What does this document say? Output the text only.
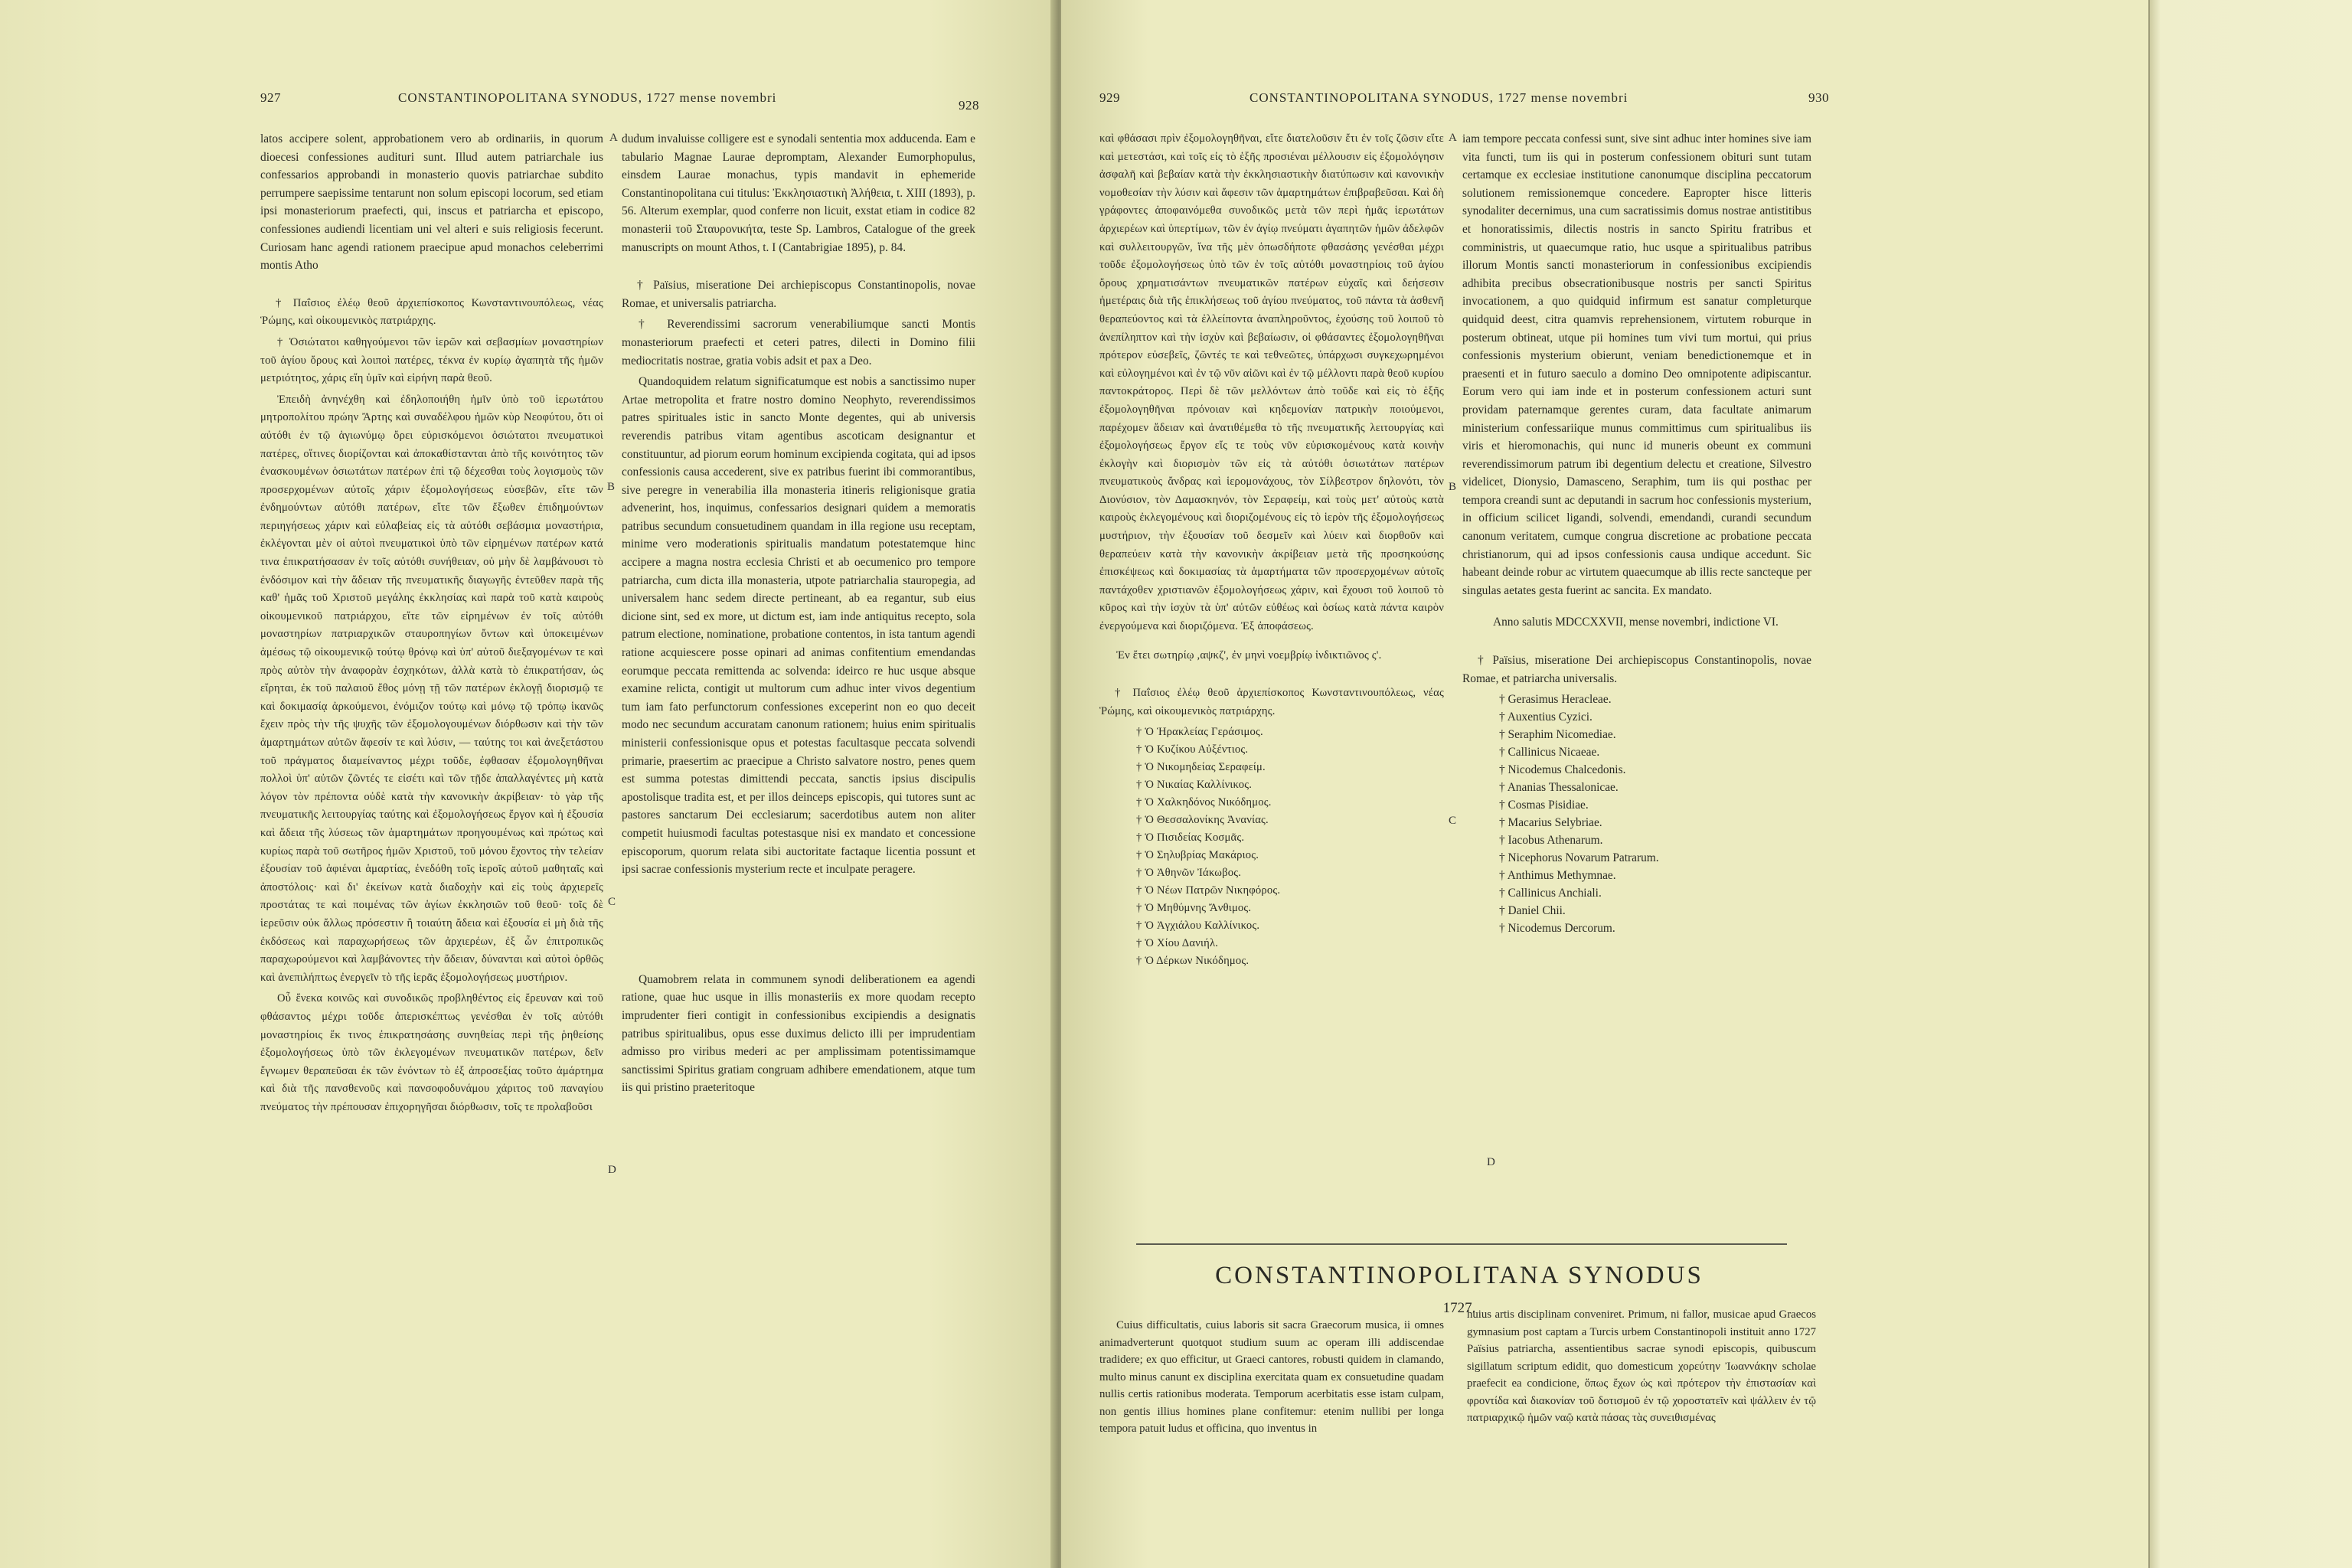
927	CONSTANTINOPOLITANA SYNODUS, 1727 mense novembri
928

latos accipere solent, approbationem vero ab ordinariis, in quorum dioecesi confessiones audituri sunt. Illud autem patriarchale ius confessarios approbandi in monasterio quovis patriarchae subdito perrumpere saepissime tentarunt non solum episcopi locorum, sed etiam ipsi monasteriorum praefecti, qui, inscus et patriarcha et episcopo, confessiones audiendi licentiam uni vel alteri e suis religiosis fecerunt. Curiosam hanc agendi rationem praecipue apud monachos celeberrimi montis Atho

† Παΐσιος ἐλέῳ θεοῦ ἀρχιεπίσκοπος Κωνσταντινουπόλεως, νέας Ῥώμης, καὶ οἰκουμενικὸς πατριάρχης.

† Ὁσιώτατοι καθηγούμενοι τῶν ἱερῶν καὶ σεβασμίων μοναστηρίων τοῦ ἁγίου ὄρους καὶ λοιποὶ πατέρες, τέκνα ἐν κυρίῳ ἀγαπητὰ τῆς ἡμῶν μετριότητος, χάρις εἴη ὑμῖν καὶ εἰρήνη παρὰ θεοῦ.

Ἐπειδὴ ἀνηνέχθη καὶ ἐδηλοποιήθη ἡμῖν ὑπὸ τοῦ ἱερωτάτου μητροπολίτου πρώην Ἄρτης καὶ συναδέλφου ἡμῶν κὺρ Νεοφύτου, ὅτι οἱ αὐτόθι ἐν τῷ ἁγιωνύμῳ ὄρει εὑρισκόμενοι ὁσιώτατοι πνευματικοὶ πατέρες, οἵτινες διορίζονται καὶ ἀποκαθίστανται ἀπὸ τῆς κοινότητος τῶν ἐνασκουμένων ὁσιωτάτων πατέρων ἐπὶ τῷ δέχεσθαι τοὺς λογισμοὺς τῶν προσερχομένων αὐτοῖς χάριν ἐξομολογήσεως εὐσεβῶν, εἴτε τῶν ἐνδημούντων αὐτόθι πατέρων, εἴτε τῶν ἔξωθεν ἐπιδημούντων περιηγήσεως χάριν καὶ εὐλαβείας εἰς τὰ αὐτόθι σεβάσμια μοναστήρια, ἐκλέγονται μὲν οἱ αὐτοὶ πνευματικοὶ ὑπὸ τῶν εἰρημένων πατέρων κατά τινα ἐπικρατήσασαν ἐν τοῖς αὐτόθι συνήθειαν, οὐ μὴν δὲ λαμβάνουσι τὸ ἐνδόσιμον καὶ τὴν ἄδειαν τῆς πνευματικῆς διαγωγῆς ἐντεῦθεν παρὰ τῆς καθ' ἡμᾶς τοῦ Χριστοῦ μεγάλης ἐκκλησίας καὶ παρὰ τοῦ κατὰ καιροὺς οἰκουμενικοῦ πατριάρχου, εἴτε τῶν εἰρημένων ἐν τοῖς αὐτόθι μοναστηρίων πατριαρχικῶν σταυροπηγίων ὄντων καὶ ὑποκειμένων ἀμέσως τῷ οἰκουμενικῷ τούτῳ θρόνῳ καὶ ὑπ' αὐτοῦ διεξαγομένων τε καὶ πρὸς αὐτὸν τὴν ἀναφορὰν ἐσχηκότων, ἀλλὰ κατὰ τὸ ἐπικρατήσαν, ὡς εἴρηται, ἐκ τοῦ παλαιοῦ ἔθος μόνῃ τῇ τῶν πατέρων ἐκλογῇ διορισμῷ τε καὶ δοκιμασίᾳ ἀρκούμενοι, ἐνόμιζον τούτῳ καὶ μόνῳ τῷ τρόπῳ ἱκανῶς ἔχειν πρὸς τὴν τῆς ψυχῆς τῶν ἐξομολογουμένων διόρθωσιν καὶ τὴν τῶν ἁμαρτημάτων αὐτῶν ἄφεσίν τε καὶ λύσιν, — ταύτης τοι καὶ ἀνεξετάστου τοῦ πράγματος διαμείναντος μέχρι τοῦδε, ἐφθασαν ἐξομολογηθῆναι πολλοὶ ὑπ' αὐτῶν ζῶντές τε εἰσέτι καὶ τῶν τῇδε ἀπαλλαγέντες μὴ κατὰ λόγον τὸν πρέποντα οὐδὲ κατὰ τὴν κανονικὴν ἀκρίβειαν· τὸ γὰρ τῆς πνευματικῆς λειτουργίας ταύτης καὶ ἐξομολογήσεως ἔργον καὶ ἡ ἐξουσία καὶ ἄδεια τῆς λύσεως τῶν ἁμαρτημάτων προηγουμένως καὶ πρώτως καὶ κυρίως παρὰ τοῦ σωτῆρος ἡμῶν Χριστοῦ, τοῦ μόνου ἔχοντος τὴν τελείαν ἐξουσίαν τοῦ ἀφιέναι ἁμαρτίας, ἐνεδόθη τοῖς ἱεροῖς αὐτοῦ μαθηταῖς καὶ ἀποστόλοις· καὶ δι' ἐκείνων κατὰ διαδοχὴν καὶ εἰς τοὺς ἀρχιερεῖς προστάτας τε καὶ ποιμένας τῶν ἁγίων ἐκκλησιῶν τοῦ θεοῦ· τοῖς δὲ ἱερεῦσιν οὐκ ἄλλως πρόσεστιν ἢ τοιαύτη ἄδεια καὶ ἐξουσία εἰ μὴ διὰ τῆς ἐκδόσεως καὶ παραχωρήσεως τῶν ἀρχιερέων, ἐξ ὧν ἐπιτροπικῶς παραχωρούμενοι καὶ λαμβάνοντες τὴν ἄδειαν, δύνανται καὶ αὐτοὶ ὀρθῶς καὶ ἀνεπιλήπτως ἐνεργεῖν τὸ τῆς ἱερᾶς ἐξομολογήσεως μυστήριον.

Οὗ ἕνεκα κοινῶς καὶ συνοδικῶς προβληθέντος εἰς ἔρευναν καὶ τοῦ φθάσαντος μέχρι τοῦδε ἀπερισκέπτως γενέσθαι ἐν τοῖς αὐτόθι μοναστηρίοις ἔκ τινος ἐπικρατησάσης συνηθείας περὶ τῆς ῥηθείσης ἐξομολογήσεως ὑπὸ τῶν ἐκλεγομένων πνευματικῶν πατέρων, δεῖν ἔγνωμεν θεραπεῦσαι ἐκ τῶν ἐνόντων τὸ ἐξ ἀπροσεξίας τοῦτο ἁμάρτημα καὶ διὰ τῆς πανσθενοῦς καὶ πανσοφοδυνάμου χάριτος τοῦ παναγίου πνεύματος τὴν πρέπουσαν ἐπιχορηγῆσαι διόρθωσιν, τοῖς τε προλαβοῦσι

A
B
C
D

dudum invaluisse colligere est e synodali sententia mox adducenda. Eam e tabulario Magnae Laurae depromptam, Alexander Eumorphopulus, einsdem Laurae monachus, typis mandavit in ephemeride Constantinopolitana cui titulus: Ἐκκλησιαστικὴ Ἀλήθεια, t. XIII (1893), p. 56. Alterum exemplar, quod conferre non licuit, exstat etiam in codice 82 monasterii τοῦ Σταυρονικήτα, teste Sp. Lambros, Catalogue of the greek manuscripts on mount Athos, t. I (Cantabrigiae 1895), p. 84.

† Païsius, miseratione Dei archiepiscopus Constantinopolis, novae Romae, et universalis patriarcha.

† Reverendissimi sacrorum venerabiliumque sancti Montis monasteriorum praefecti et ceteri patres, dilecti in Domino filii mediocritatis nostrae, gratia vobis adsit et pax a Deo.

Quandoquidem relatum significatumque est nobis a sanctissimo nuper Artae metropolita et fratre nostro domino Neophyto, reverendissimos patres spirituales istic in sancto Monte degentes, qui ab universis reverendis patribus vitam agentibus ascoticam designantur et constituuntur, ad piorum eorum hominum excipienda cogitata, qui ad ipsos confessionis causa accederent, sive ex patribus fuerint ibi commorantibus, sive peregre in venerabilia illa monasteria itineris religionisque gratia advenerint, hos, inquimus, confessarios designari quidem a memoratis patribus secundum consuetudinem quandam in illa regione usu receptam, minime vero moderationis spiritualis mandatum potestatemque hinc accipere a magna nostra ecclesia Christi et ab oecumenico pro tempore patriarcha, cum dicta illa monasteria, utpote patriarchalia stauropegia, ad universalem hanc sedem directe pertineant, ab ea regantur, sub eius dicione sint, sed ex more, ut dictum est, iam inde antiquitus recepto, sola patrum electione, nominatione, probatione contentos, in ista tantum agendi ratione acquiescere posse opinari ad animas confitentium emendandas eorumque peccata remittenda ac solvenda: ideirco re huc usque absque examine relicta, contigit ut multorum cum adhuc inter vivos degentium tum iam fato perfunctorum confessiones exceperint non eo quo deceit modo nec secundum accuratam canonum rationem; huius enim spiritualis ministerii confessionisque opus et potestas facultasque peccata solvendi primarie, praesertim ac praecipue a Christo salvatore nostro, penes quem est summa potestas dimittendi peccata, sanctis ipsius discipulis apostolisque tradita est, et per illos deinceps episcopis, qui tutores sunt ac pastores sanctarum Dei ecclesiarum; sacerdotibus autem non aliter competit huiusmodi facultas potestasque nisi ex mandato et concessione episcoporum, quorum relata sibi auctoritate factaque licentia possunt et ipsi sacrae confessionis mysterium recte et inculpate peragere.

Quamobrem relata in communem synodi deliberationem ea agendi ratione, quae huc usque in illis monasteriis ex more quodam recepto imprudenter fieri contigit in confessionibus excipiendis a designatis patribus spiritualibus, opus esse duximus delicto illi per imprudentiam admisso pro viribus mederi ac per amplissimam potentissimamque sanctissimi Spiritus gratiam congruam adhibere emendationem, atque tum iis qui pristino praeteritoque

929	CONSTANTINOPOLITANA SYNODUS, 1727 mense novembri	930

καὶ φθάσασι πρὶν ἐξομολογηθῆναι, εἴτε διατελοῦσιν ἔτι ἐν τοῖς ζῶσιν εἴτε καὶ μετεστάσι, καὶ τοῖς εἰς τὸ ἑξῆς προσιέναι μέλλουσιν εἰς ἐξομολόγησιν ἀσφαλῆ καὶ βεβαίαν κατὰ τὴν ἐκκλησιαστικὴν διατύπωσιν καὶ κανονικὴν νομοθεσίαν τὴν λύσιν καὶ ἄφεσιν τῶν ἁμαρτημάτων ἐπιβραβεῦσαι. Καὶ δὴ γράφοντες ἀποφαινόμεθα συνοδικῶς μετὰ τῶν περὶ ἡμᾶς ἱερωτάτων ἀρχιερέων καὶ ὑπερτίμων, τῶν ἐν ἁγίῳ πνεύματι ἀγαπητῶν ἡμῶν ἀδελφῶν καὶ συλλειτουργῶν, ἵνα τῆς μὲν ὁπωσδήποτε φθασάσης γενέσθαι μέχρι τοῦδε ἐξομολογήσεως ὑπὸ τῶν ἐν τοῖς αὐτόθι μοναστηρίοις τοῦ ἁγίου ὄρους χρηματισάντων πνευματικῶν πατέρων εὐχαῖς καὶ δεήσεσιν ἡμετέραις διὰ τῆς ἐπικλήσεως τοῦ ἁγίου πνεύματος, τοῦ πάντα τὰ ἀσθενῆ θεραπεύοντος καὶ τὰ ἐλλείποντα ἀναπληροῦντος, ἐχούσης τοῦ λοιποῦ τὸ ἀνεπίληπτον καὶ τὴν ἰσχὺν καὶ βεβαίωσιν, οἱ φθάσαντες ἐξομολογηθῆναι πρότερον εὐσεβεῖς, ζῶντές τε καὶ τεθνεῶτες, ὑπάρχωσι συγκεχωρημένοι καὶ εὐλογημένοι καὶ ἐν τῷ νῦν αἰῶνι καὶ ἐν τῷ μέλλοντι παρὰ θεοῦ κυρίου παντοκράτορος. Περὶ δὲ τῶν μελλόντων ἀπὸ τοῦδε καὶ εἰς τὸ ἑξῆς ἐξομολογηθῆναι πρόνοιαν καὶ κηδεμονίαν πατρικὴν ποιούμενοι, παρέχομεν ἄδειαν καὶ ἀνατιθέμεθα τὸ τῆς πνευματικῆς λειτουργίας καὶ ἐξομολογήσεως ἔργον εἴς τε τοὺς νῦν εὑρισκομένους κατὰ κοινὴν ἐκλογὴν καὶ διορισμὸν τῶν εἰς τὰ αὐτόθι ὁσιωτάτων πατέρων πνευματικοὺς ἄνδρας καὶ ἱερομονάχους, τὸν Σίλβεστρον δηλονότι, τὸν Διονύσιον, τὸν Δαμασκηνόν, τὸν Σεραφείμ, καὶ τοὺς μετ' αὐτοὺς κατὰ καιροὺς ἐκλεγομένους καὶ διοριζομένους εἰς τὸ ἱερὸν τῆς ἐξομολογήσεως μυστήριον, τὴν ἐξουσίαν τοῦ δεσμεῖν καὶ λύειν καὶ διορθοῦν καὶ θεραπεύειν κατὰ τὴν κανονικὴν ἀκρίβειαν μετὰ τῆς προσηκούσης ἐπισκέψεως καὶ δοκιμασίας τὰ ἁμαρτήματα τῶν προσερχομένων αὐτοῖς παντάχοθεν χριστιανῶν ἐξομολογήσεως χάριν, καὶ ἔχουσι τοῦ λοιποῦ τὸ κῦρος καὶ τὴν ἰσχὺν τὰ ὑπ' αὐτῶν εὐθέως καὶ ὁσίως κατὰ πάντα καιρὸν ἐνεργούμενα καὶ διοριζόμενα. Ἐξ ἀποφάσεως.

Ἐν ἔτει σωτηρίῳ ,αψκζ', ἐν μηνὶ νοεμβρίῳ ἰνδικτιῶνος ς'.

† Παΐσιος ἐλέῳ θεοῦ ἀρχιεπίσκοπος Κωνσταντινουπόλεως, νέας Ῥώμης, καὶ οἰκουμενικὸς πατριάρχης.

† Ὁ Ἡρακλείας Γεράσιμος.

† Ὁ Κυζίκου Αὐξέντιος.

† Ὁ Νικομηδείας Σεραφείμ.

† Ὁ Νικαίας Καλλίνικος.

† Ὁ Χαλκηδόνος Νικόδημος.

† Ὁ Θεσσαλονίκης Ἀνανίας.

† Ὁ Πισιδείας Κοσμᾶς.

† Ὁ Σηλυβρίας Μακάριος.

† Ὁ Ἀθηνῶν Ἰάκωβος.

† Ὁ Νέων Πατρῶν Νικηφόρος.

† Ὁ Μηθύμνης Ἄνθιμος.

† Ὁ Ἀγχιάλου Καλλίνικος.

† Ὁ Χίου Δανιήλ.

† Ὁ Δέρκων Νικόδημος.

A
B
C
D

iam tempore peccata confessi sunt, sive sint adhuc inter homines sive iam vita functi, tum iis qui in posterum confessionem obituri sunt tutam certamque ex ecclesiae institutione canonumque disciplina peccatorum solutionem remissionemque concedere. Eapropter hisce litteris synodaliter decernimus, una cum sacratissimis domus nostrae antistitibus et honoratissimis, dilectis nostris in sancto Spiritu fratribus et comministris, ut quaecumque ratio, huc usque a spiritualibus patribus illorum Montis sancti monasteriorum in confessionibus excipiendis adhibita precibus obsecrationibusque nostris per sancti Spiritus invocationem, a quo quidquid infirmum est sanatur completurque quidquid deest, citra quamvis reprehensionem, virtutem roburque in posterum obtineat, utque pii homines tum vivi tum mortui, qui prius confessionis mysterium obierunt, veniam benedictionemque et in praesenti et in futuro saeculo a domino Deo omnipotente adipiscantur. Eorum vero qui iam inde et in posterum confessionem acturi sunt providam paternamque gerentes curam, data facultate animarum ministerium confessariique munus committimus cum spiritualibus iis viris et hieromonachis, qui nunc id muneris obeunt ex communi reverendissimorum patrum ibi degentium delectu et creatione, Silvestro videlicet, Dionysio, Damasceno, Seraphim, tum iis qui posthac per tempora creandi sunt ac deputandi in sacrum hoc confessionis mysterium, in officium scilicet ligandi, solvendi, emendandi, curandi secundum canonum veritatem, cumque congrua discretione ac probatione peccata christianorum, qui ad ipsos confessionis causa undique accedunt. Sic habeant deinde robur ac virtutem quaecumque ab illis recte sancteque per singulas aetates gesta fuerint ac sancita. Ex mandato.

Anno salutis MDCCXXVII, mense novembri, indictione VI.

† Païsius, miseratione Dei archiepiscopus Constantinopolis, novae Romae, et patriarcha universalis.

† Gerasimus Heracleae.

† Auxentius Cyzici.

† Seraphim Nicomediae.

† Callinicus Nicaeae.

† Nicodemus Chalcedonis.

† Ananias Thessalonicae.

† Cosmas Pisidiae.

† Macarius Selybriae.

† Iacobus Athenarum.

† Nicephorus Novarum Patrarum.

† Anthimus Methymnae.

† Callinicus Anchiali.

† Daniel Chii.

† Nicodemus Dercorum.

CONSTANTINOPOLITANA SYNODUS
1727.

Cuius difficultatis, cuius laboris sit sacra Graecorum musica, ii omnes animadverterunt quotquot studium suum ac operam illi addiscendae tradidere; ex quo efficitur, ut Graeci cantores, robusti quidem in clamando, multo minus canunt ex disciplina exercitata quam ex consuetudine quadam nullis certis rationibus moderata. Temporum acerbitatis esse istam culpam, non gentis illius homines plane confitemur: etenim nullibi per longa tempora patuit ludus et officina, quo inventus in

huius artis disciplinam conveniret. Primum, ni fallor, musicae apud Graecos gymnasium post captam a Turcis urbem Constantinopoli instituit anno 1727 Païsius patriarcha, assentientibus sacrae synodi episcopis, quibuscum sigillatum scriptum edidit, quo domesticum χορεύτην Ἰωαννάκην scholae praefecit ea condicione, ὅπως ἔχων ὡς καὶ πρότερον τὴν ἐπιστασίαν καὶ φροντίδα καὶ διακονίαν τοῦ δοτισμοῦ ἐν τῷ χοροστατεῖν καὶ ψάλλειν ἐν τῷ πατριαρχικῷ ἡμῶν ναῷ κατὰ πάσας τὰς συνειθισμένας
